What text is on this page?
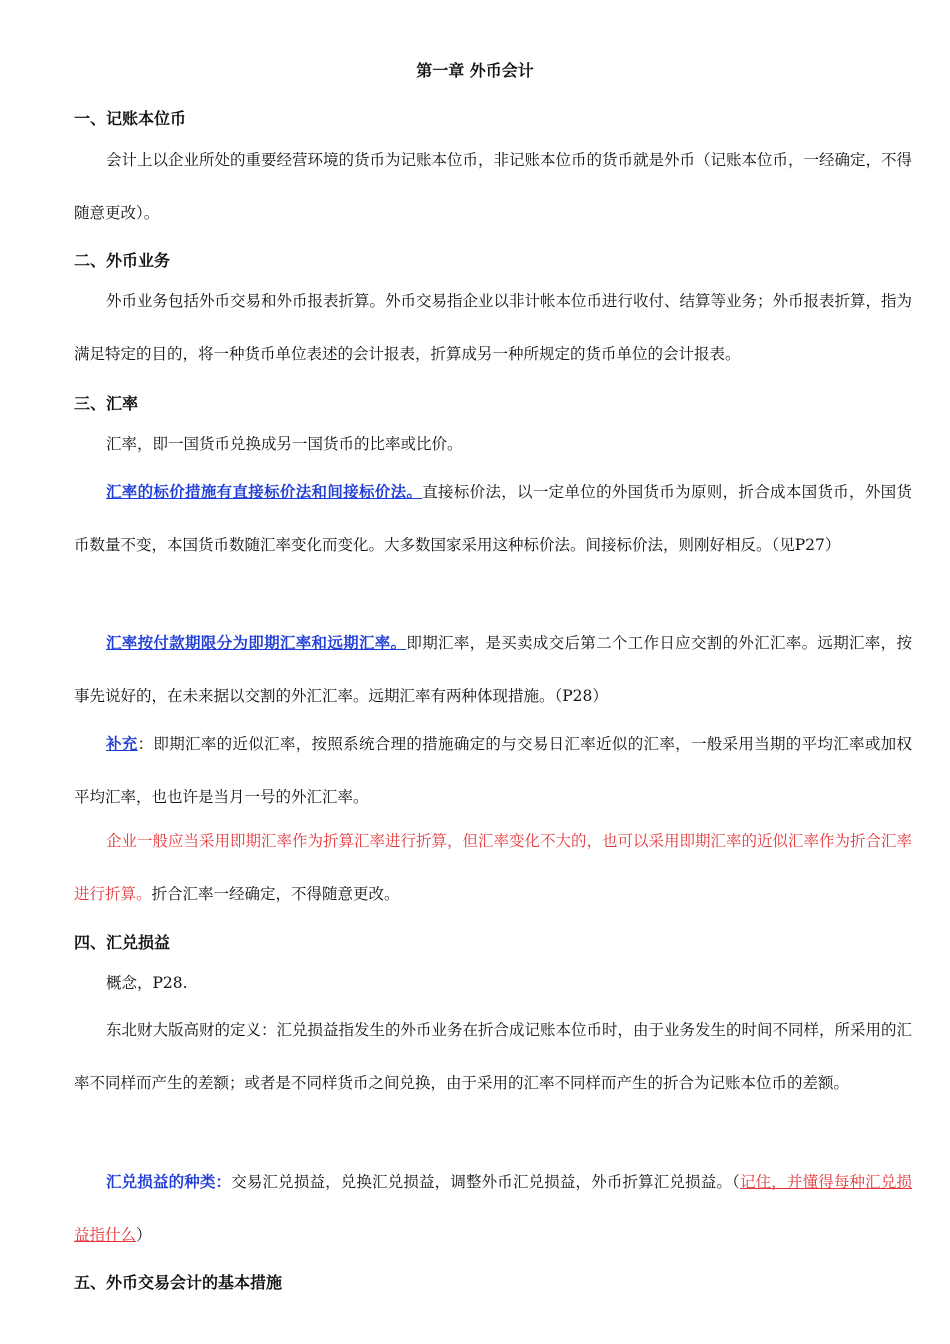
第一章 外币会计
一、记账本位币
会计上以企业所处的重要经营环境的货币为记账本位币，非记账本位币的货币就是外币（记账本位币，一经确定，不得随意更改）。
二、外币业务
外币业务包括外币交易和外币报表折算。外币交易指企业以非计帐本位币进行收付、结算等业务；外币报表折算，指为满足特定的目的，将一种货币单位表述的会计报表，折算成另一种所规定的货币单位的会计报表。
三、汇率
汇率，即一国货币兑换成另一国货币的比率或比价。
汇率的标价措施有直接标价法和间接标价法。直接标价法，以一定单位的外国货币为原则，折合成本国货币，外国货币数量不变，本国货币数随汇率变化而变化。大多数国家采用这种标价法。间接标价法，则刚好相反。（见P27）
汇率按付款期限分为即期汇率和远期汇率。即期汇率，是买卖成交后第二个工作日应交割的外汇汇率。远期汇率，按事先说好的，在未来据以交割的外汇汇率。远期汇率有两种体现措施。（P28）
补充：即期汇率的近似汇率，按照系统合理的措施确定的与交易日汇率近似的汇率，一般采用当期的平均汇率或加权平均汇率，也也许是当月一号的外汇汇率。
企业一般应当采用即期汇率作为折算汇率进行折算，但汇率变化不大的，也可以采用即期汇率的近似汇率作为折合汇率进行折算。折合汇率一经确定，不得随意更改。
四、汇兑损益
概念，P28.
东北财大版高财的定义：汇兑损益指发生的外币业务在折合成记账本位币时，由于业务发生的时间不同样，所采用的汇率不同样而产生的差额；或者是不同样货币之间兑换，由于采用的汇率不同样而产生的折合为记账本位币的差额。
汇兑损益的种类：交易汇兑损益，兑换汇兑损益，调整外币汇兑损益，外币折算汇兑损益。（记住，并懂得每种汇兑损益指什么）
五、外币交易会计的基本措施
